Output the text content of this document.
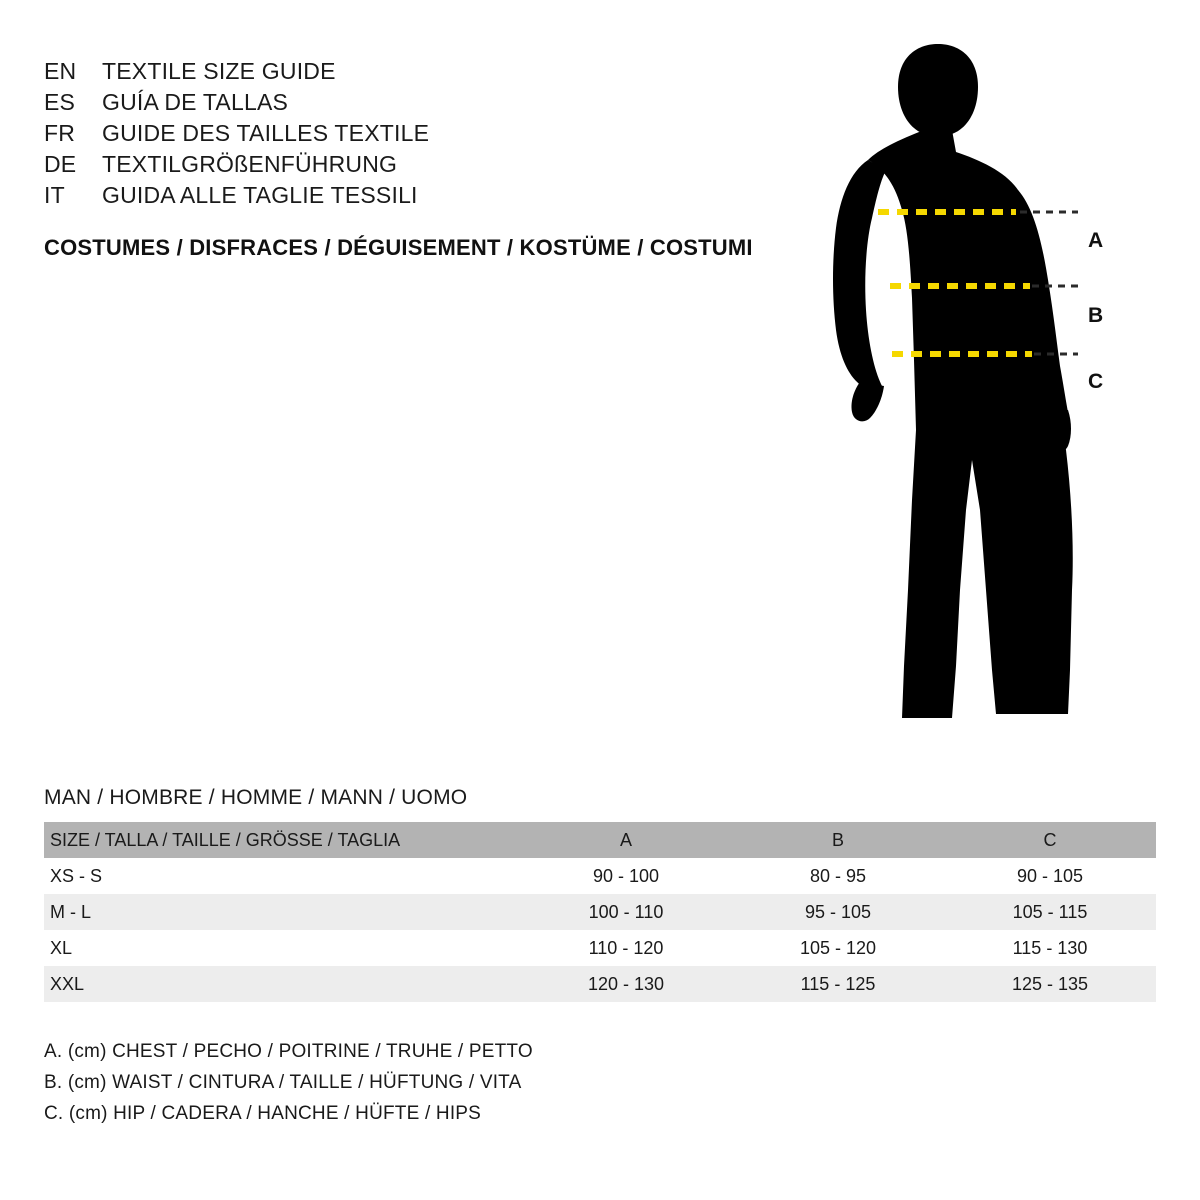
EN	TEXTILE SIZE GUIDE
ES	GUÍA DE TALLAS
FR	GUIDE DES TAILLES TEXTILE
DE	TEXTILGRÖßENFÜHRUNG
IT	GUIDA ALLE TAGLIE TESSILI
COSTUMES / DISFRACES / DÉGUISEMENT / KOSTÜME / COSTUMI	A
B
C
MAN / HOMBRE / HOMME / MANN / UOMO
SIZE / TALLA / TAILLE / GRÖSSE / TAGLIA	A	B	C
XS - S	90 - 100	80 - 95	90 - 105
M - L	100 - 110	95 - 105	105 - 115
XL	110 - 120	105 - 120	115 - 130
XXL	120 - 130	115 - 125	125 - 135
A. (cm) CHEST / PECHO / POITRINE / TRUHE / PETTO
B. (cm) WAIST / CINTURA / TAILLE / HÜFTUNG / VITA
C. (cm) HIP / CADERA / HANCHE / HÜFTE / HIPS
